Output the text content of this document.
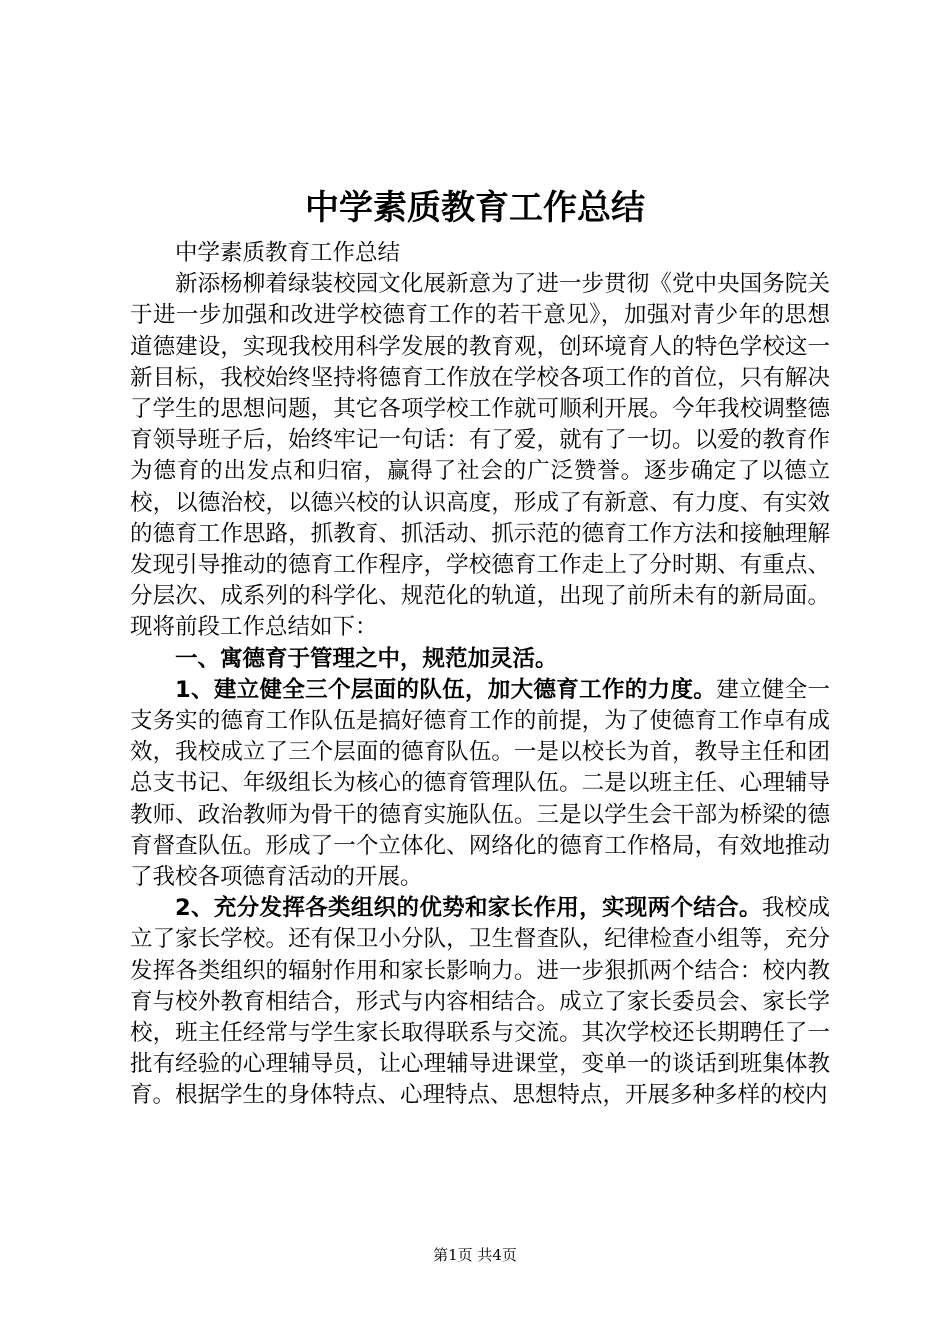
中学素质教育工作总结

中学素质教育工作总结

新添杨柳着绿装校园文化展新意为了进一步贯彻《党中央国务院关于进一步加强和改进学校德育工作的若干意见》，加强对青少年的思想道德建设，实现我校用科学发展的教育观，创环境育人的特色学校这一新目标，我校始终坚持将德育工作放在学校各项工作的首位，只有解决了学生的思想问题，其它各项学校工作就可顺利开展。今年我校调整德育领导班子后，始终牢记一句话：有了爱，就有了一切。以爱的教育作为德育的出发点和归宿，赢得了社会的广泛赞誉。逐步确定了以德立校，以德治校，以德兴校的认识高度，形成了有新意、有力度、有实效的德育工作思路，抓教育、抓活动、抓示范的德育工作方法和接触理解发现引导推动的德育工作程序，学校德育工作走上了分时期、有重点、分层次、成系列的科学化、规范化的轨道，出现了前所未有的新局面。现将前段工作总结如下：

一、寓德育于管理之中，规范加灵活。

1、建立健全三个层面的队伍，加大德育工作的力度。建立健全一支务实的德育工作队伍是搞好德育工作的前提，为了使德育工作卓有成效，我校成立了三个层面的德育队伍。一是以校长为首，教导主任和团总支书记、年级组长为核心的德育管理队伍。二是以班主任、心理辅导教师、政治教师为骨干的德育实施队伍。三是以学生会干部为桥梁的德育督查队伍。形成了一个立体化、网络化的德育工作格局，有效地推动了我校各项德育活动的开展。

2、充分发挥各类组织的优势和家长作用，实现两个结合。我校成立了家长学校。还有保卫小分队，卫生督查队，纪律检查小组等，充分发挥各类组织的辐射作用和家长影响力。进一步狠抓两个结合：校内教育与校外教育相结合，形式与内容相结合。成立了家长委员会、家长学校，班主任经常与学生家长取得联系与交流。其次学校还长期聘任了一批有经验的心理辅导员，让心理辅导进课堂，变单一的谈话到班集体教育。根据学生的身体特点、心理特点、思想特点，开展多种多样的校内

第1页 共4页
